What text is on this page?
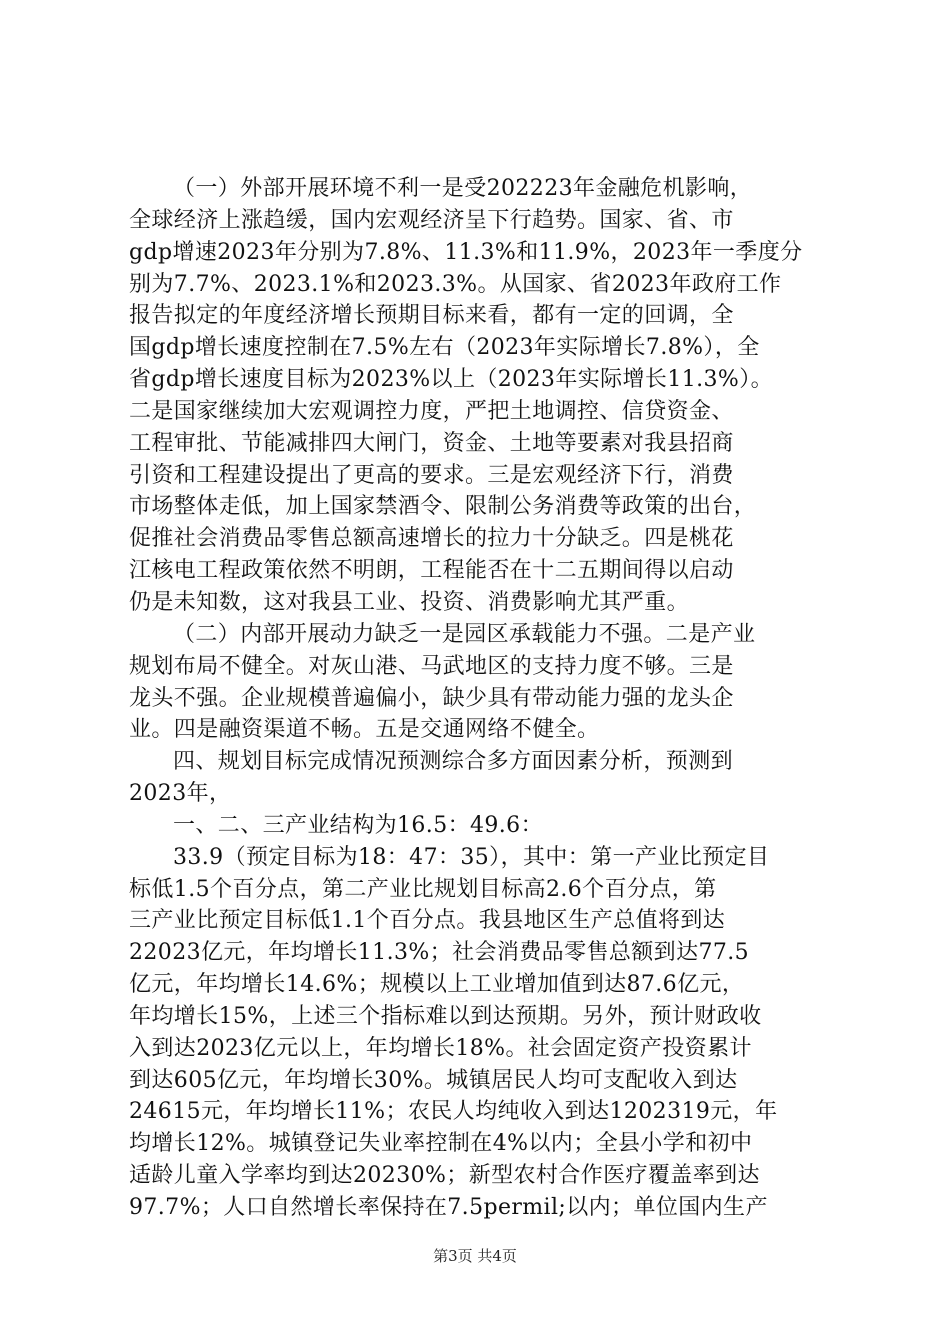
（一）外部开展环境不利一是受202223年金融危机影响，
全球经济上涨趋缓，国内宏观经济呈下行趋势。国家、省、市
gdp增速2023年分别为7.8%、11.3%和11.9%，2023年一季度分
别为7.7%、2023.1%和2023.3%。从国家、省2023年政府工作
报告拟定的年度经济增长预期目标来看，都有一定的回调，全
国gdp增长速度控制在7.5%左右（2023年实际增长7.8%），全
省gdp增长速度目标为2023%以上（2023年实际增长11.3%）。
二是国家继续加大宏观调控力度，严把土地调控、信贷资金、
工程审批、节能减排四大闸门，资金、土地等要素对我县招商
引资和工程建设提出了更高的要求。三是宏观经济下行，消费
市场整体走低，加上国家禁酒令、限制公务消费等政策的出台，
促推社会消费品零售总额高速增长的拉力十分缺乏。四是桃花
江核电工程政策依然不明朗，工程能否在十二五期间得以启动
仍是未知数，这对我县工业、投资、消费影响尤其严重。
（二）内部开展动力缺乏一是园区承载能力不强。二是产业
规划布局不健全。对灰山港、马武地区的支持力度不够。三是
龙头不强。企业规模普遍偏小，缺少具有带动能力强的龙头企
业。四是融资渠道不畅。五是交通网络不健全。
四、规划目标完成情况预测综合多方面因素分析，预测到
2023年，
一、二、三产业结构为16.5：49.6：
33.9（预定目标为18：47：35），其中：第一产业比预定目
标低1.5个百分点，第二产业比规划目标高2.6个百分点，第
三产业比预定目标低1.1个百分点。我县地区生产总值将到达
22023亿元，年均增长11.3%；社会消费品零售总额到达77.5
亿元，年均增长14.6%；规模以上工业增加值到达87.6亿元，
年均增长15%，上述三个指标难以到达预期。另外，预计财政收
入到达2023亿元以上，年均增长18%。社会固定资产投资累计
到达605亿元，年均增长30%。城镇居民人均可支配收入到达
24615元，年均增长11%；农民人均纯收入到达1202319元，年
均增长12%。城镇登记失业率控制在4%以内；全县小学和初中
适龄儿童入学率均到达20230%；新型农村合作医疗覆盖率到达
97.7%；人口自然增长率保持在7.5permil;以内；单位国内生产
第3页 共4页
